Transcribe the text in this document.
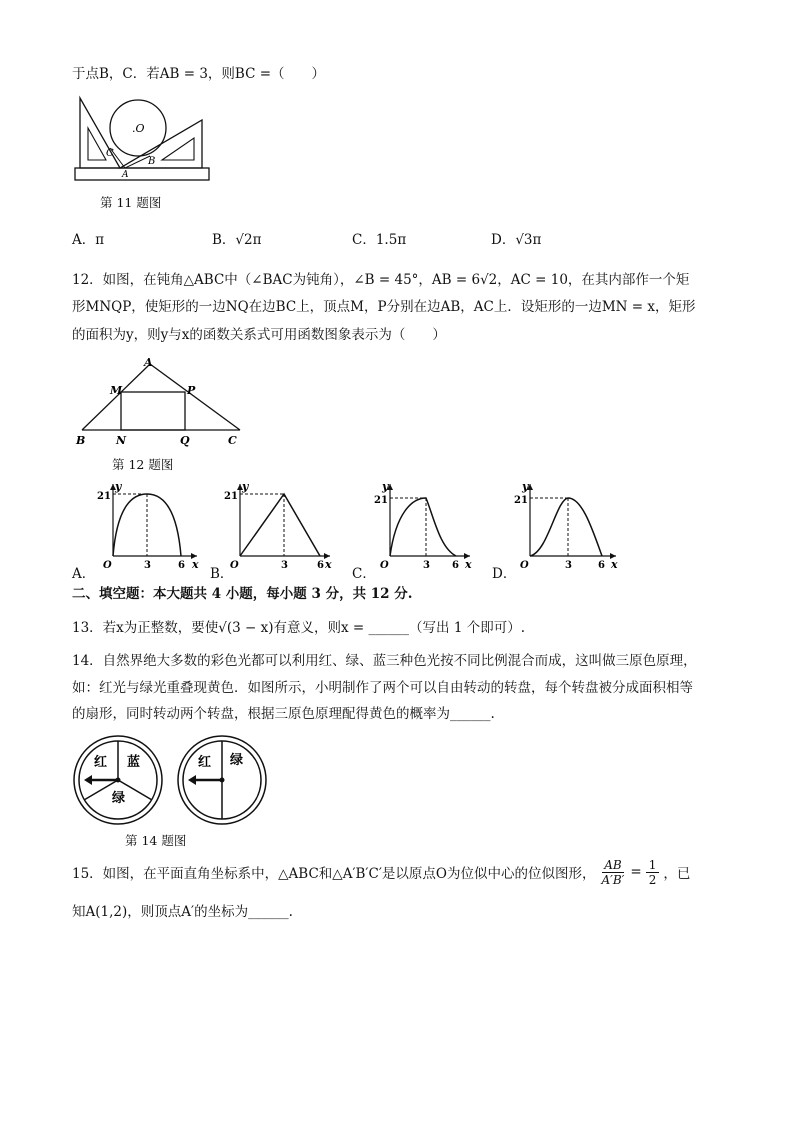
于点B，C．若AB = 3，则BC =（　　）
.O
C
B
A
第 11 题图
A．π	B．√2π	C．1.5π	D．√3π
12．如图，在钝角△ABC中（∠BAC为钝角），∠B = 45°，AB = 6√2，AC = 10，在其内部作一个矩
形MNQP，使矩形的一边NQ在边BC上，顶点M，P分别在边AB，AC上．设矩形的一边MN = x，矩形
的面积为y，则y与x的函数关系式可用函数图象表示为（　　）
A
M	P
B	N	Q	C
第 12 题图
y
21
O	3	6 x
y
21
O	3	6 x
y
21
O	3 6 x
y
21
O	3	6 x
A．	B．	C．	D．
二、填空题：本大题共 4 小题，每小题 3 分，共 12 分.
13．若x为正整数，要使√(3 − x)有意义，则x = ______（写出 1 个即可）.
14．自然界绝大多数的彩色光都可以利用红、绿、蓝三种色光按不同比例混合而成，这叫做三原色原理，
如：红光与绿光重叠现黄色．如图所示，小明制作了两个可以自由转动的转盘，每个转盘被分成面积相等
的扇形，同时转动两个转盘，根据三原色原理配得黄色的概率为______.
红 蓝
绿
红 绿
第 14 题图
15．如图，在平面直角坐标系中，△ABC和△A′B′C′是以原点O为位似中心的位似图形， $\frac{AB}{A'B'} = \frac{1}{2}$ ，已
知A(1,2)，则顶点A′的坐标为______.
